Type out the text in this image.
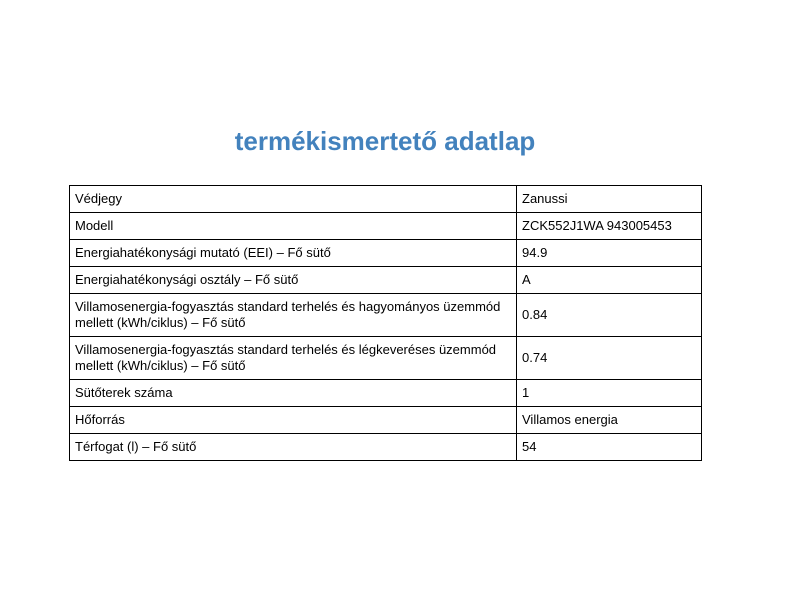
termékismertető adatlap
Védjegy	Zanussi
Modell	ZCK552J1WA 943005453
Energiahatékonysági mutató (EEI) – Fő sütő	94.9
Energiahatékonysági osztály – Fő sütő	A
Villamosenergia-fogyasztás standard terhelés és hagyományos üzemmód mellett (kWh/ciklus) – Fő sütő	0.84
Villamosenergia-fogyasztás standard terhelés és légkeveréses üzemmód mellett (kWh/ciklus) – Fő sütő	0.74
Sütőterek száma	1
Hőforrás	Villamos energia
Térfogat (l) – Fő sütő	54
